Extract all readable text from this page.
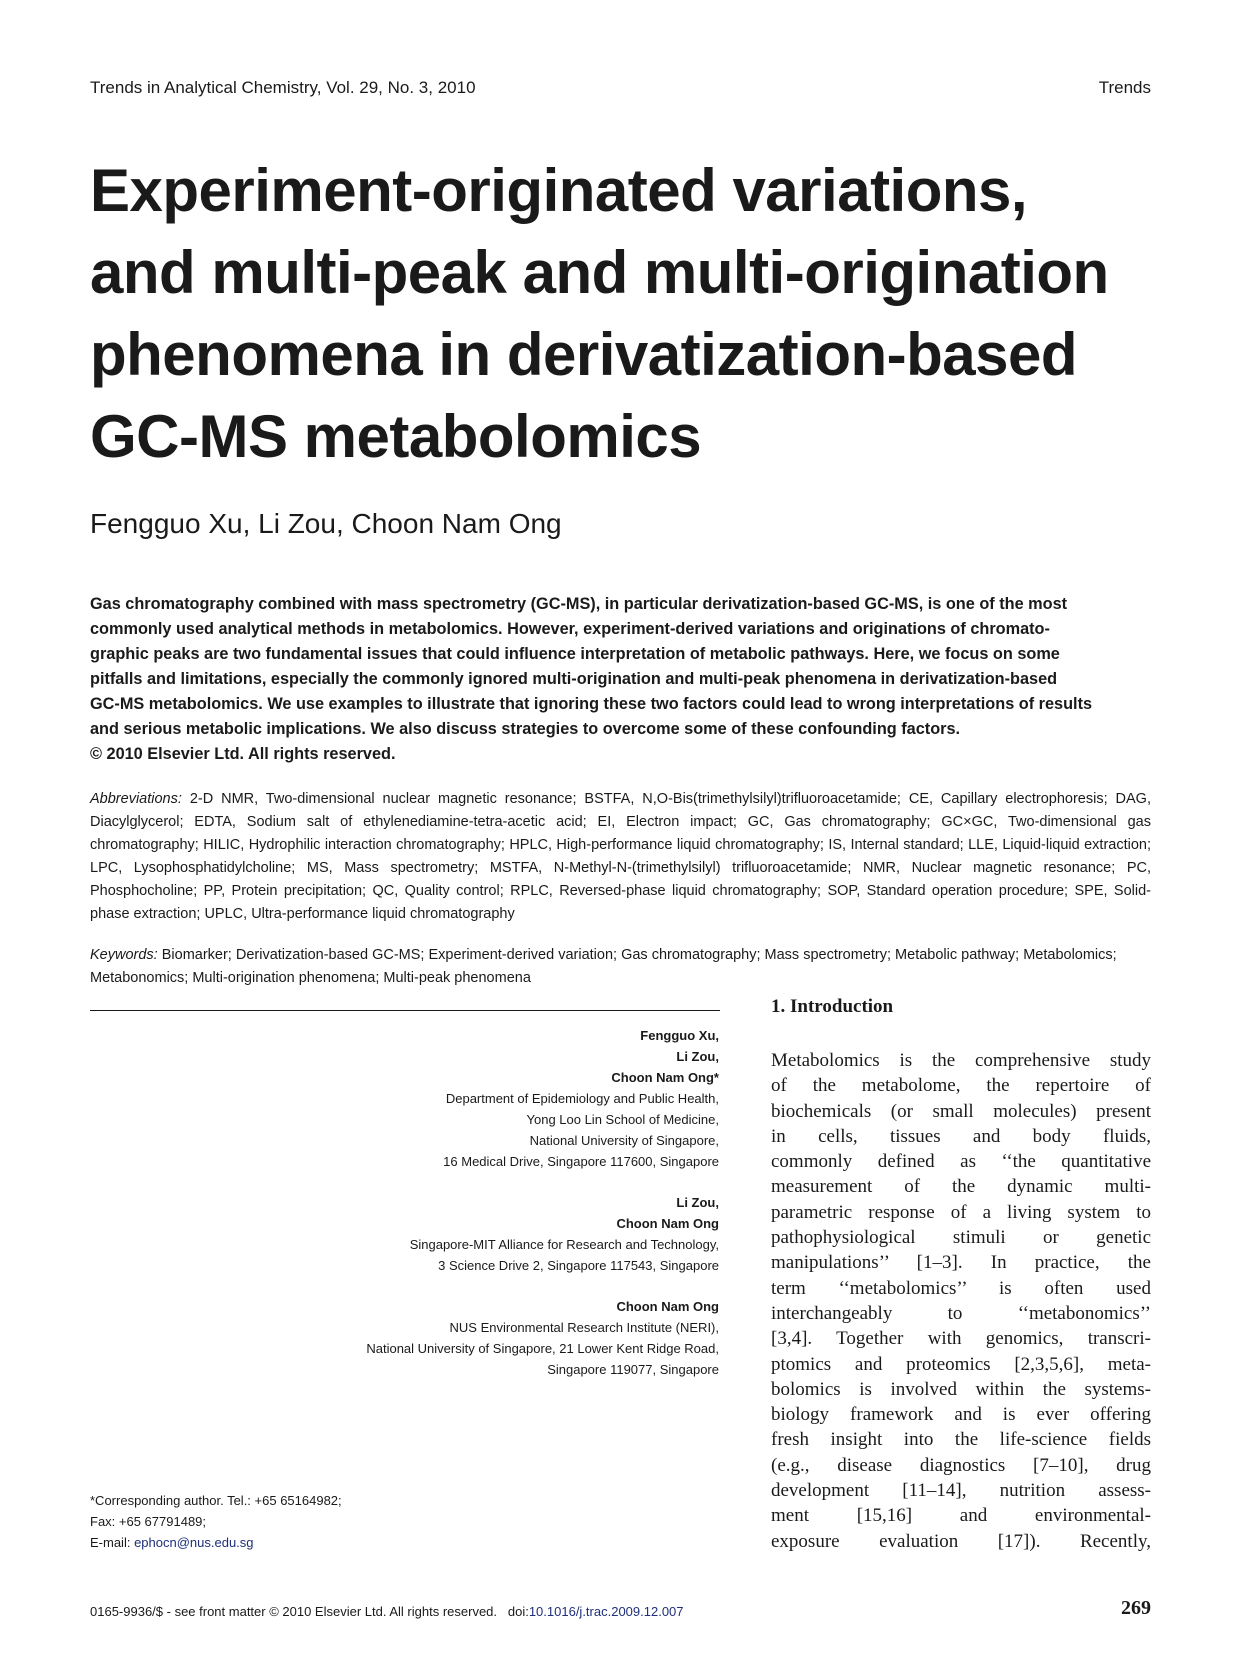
Trends in Analytical Chemistry, Vol. 29, No. 3, 2010	Trends
Experiment-originated variations,
and multi-peak and multi-origination
phenomena in derivatization-based
GC-MS metabolomics
Fengguo Xu, Li Zou, Choon Nam Ong

Gas chromatography combined with mass spectrometry (GC-MS), in particular derivatization-based GC-MS, is one of the most
commonly used analytical methods in metabolomics. However, experiment-derived variations and originations of chromato-
graphic peaks are two fundamental issues that could influence interpretation of metabolic pathways. Here, we focus on some
pitfalls and limitations, especially the commonly ignored multi-origination and multi-peak phenomena in derivatization-based
GC-MS metabolomics. We use examples to illustrate that ignoring these two factors could lead to wrong interpretations of results
and serious metabolic implications. We also discuss strategies to overcome some of these confounding factors.
© 2010 Elsevier Ltd. All rights reserved.

Abbreviations: 2-D NMR, Two-dimensional nuclear magnetic resonance; BSTFA, N,O-Bis(trimethylsilyl)trifluoroacetamide; CE, Capillary electrophoresis; DAG, Diacylglycerol; EDTA, Sodium salt of ethylenediamine-tetra-acetic acid; EI, Electron impact; GC, Gas chromatography; GC×GC, Two-dimensional gas chromatography; HILIC, Hydrophilic interaction chromatography; HPLC, High-performance liquid chromatography; IS, Internal standard; LLE, Liquid-liquid extraction; LPC, Lysophosphatidylcholine; MS, Mass spectrometry; MSTFA, N-Methyl-N-(trimethylsilyl) trifluoroacetamide; NMR, Nuclear magnetic resonance; PC, Phosphocholine; PP, Protein precipitation; QC, Quality control; RPLC, Reversed-phase liquid chromatography; SOP, Standard operation procedure; SPE, Solid-phase extraction; UPLC, Ultra-performance liquid chromatography

Keywords: Biomarker; Derivatization-based GC-MS; Experiment-derived variation; Gas chromatography; Mass spectrometry; Metabolic pathway; Metabolomics; Metabonomics; Multi-origination phenomena; Multi-peak phenomena

Fengguo Xu,
Li Zou,
Choon Nam Ong*
Department of Epidemiology and Public Health,
Yong Loo Lin School of Medicine,
National University of Singapore,
16 Medical Drive, Singapore 117600, Singapore
Li Zou,
Choon Nam Ong
Singapore-MIT Alliance for Research and Technology,
3 Science Drive 2, Singapore 117543, Singapore
Choon Nam Ong
NUS Environmental Research Institute (NERI),
National University of Singapore, 21 Lower Kent Ridge Road,
Singapore 119077, Singapore
*Corresponding author. Tel.: +65 65164982;
Fax: +65 67791489;
E-mail: ephocn@nus.edu.sg
1. Introduction

Metabolomics is the comprehensive study
of the metabolome, the repertoire of
biochemicals (or small molecules) present
in cells, tissues and body fluids,
commonly defined as ‘‘the quantitative
measurement of the dynamic multi-
parametric response of a living system to
pathophysiological stimuli or genetic
manipulations’’ [1–3]. In practice, the
term ‘‘metabolomics’’ is often used
interchangeably to ‘‘metabonomics’’
[3,4]. Together with genomics, transcri-
ptomics and proteomics [2,3,5,6], meta-
bolomics is involved within the systems-
biology framework and is ever offering
fresh insight into the life-science fields
(e.g., disease diagnostics [7–10], drug
development [11–14], nutrition assess-
ment [15,16] and environmental-
exposure evaluation [17]). Recently,

0165-9936/$ - see front matter © 2010 Elsevier Ltd. All rights reserved. doi:10.1016/j.trac.2009.12.007	269
